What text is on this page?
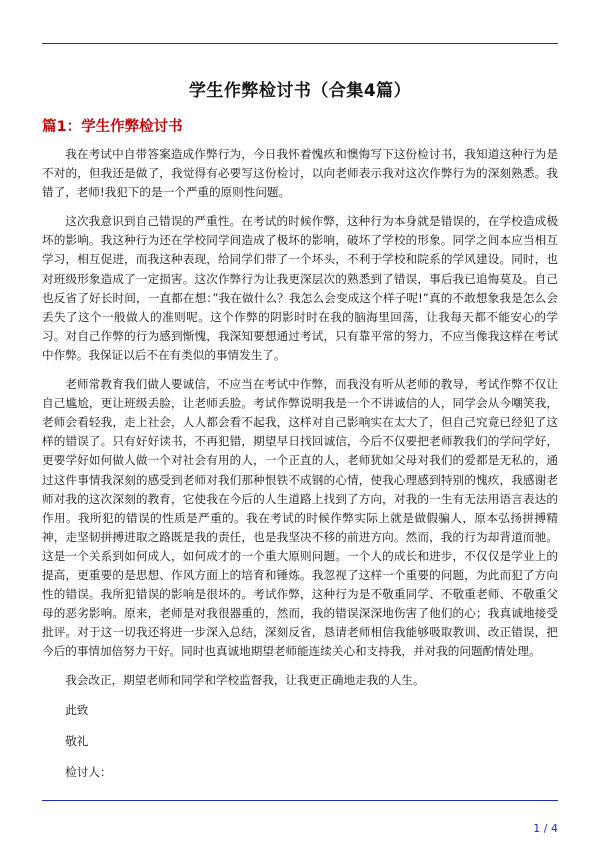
学生作弊检讨书（合集4篇）
篇1：学生作弊检讨书

我在考试中自带答案造成作弊行为，今日我怀着愧疚和懊悔写下这份检讨书，我知道这种行为是不对的，但我还是做了，我觉得有必要写这份检讨，以向老师表示我对这次作弊行为的深刻熟悉。我错了，老师!我犯下的是一个严重的原则性问题。

这次我意识到自己错误的严重性。在考试的时候作弊，这种行为本身就是错误的，在学校造成极坏的影响。我这种行为还在学校同学间造成了极坏的影响，破坏了学校的形象。同学之间本应当相互学习，相互促进，而我这种表现，给同学们带了一个坏头，不利于学校和院系的学风建设。同时，也对班级形象造成了一定损害。这次作弊行为让我更深层次的熟悉到了错误，事后我已追悔莫及。自己也反省了好长时间，一直都在想：”我在做什么？我怎么会变成这个样子呢!”真的不敢想象我是怎么会丢失了这个一般做人的准则呢。这个作弊的阴影时时在我的脑海里回荡，让我每天都不能安心的学习。对自己作弊的行为感到惭愧，我深知要想通过考试，只有靠平常的努力，不应当像我这样在考试中作弊。我保证以后不在有类似的事情发生了。

老师常教育我们做人要诚信，不应当在考试中作弊，而我没有听从老师的教导，考试作弊不仅让自己尴尬，更让班级丢脸，让老师丢脸。考试作弊说明我是一个不讲诚信的人，同学会从今嘲笑我，老师会看轻我，走上社会，人人都会看不起我，这样对自己影响实在太大了，但自己究竟已经犯了这样的错误了。只有好好读书，不再犯错，期望早日找回诚信，今后不仅要把老师教我们的学问学好，更要学好如何做人做一个对社会有用的人，一个正直的人，老师犹如父母对我们的爱都是无私的，通过这件事情我深刻的感受到老师对我们那种恨铁不成钢的心情，使我心理感到特别的愧疚，我感谢老师对我的这次深刻的教育，它使我在今后的人生道路上找到了方向，对我的一生有无法用语言表达的作用。我所犯的错误的性质是严重的。我在考试的时候作弊实际上就是做假骗人，原本弘扬拼搏精神，走坚韧拼搏进取之路既是我的责任，也是我坚决不移的前进方向。然而，我的行为却背道而驰。这是一个关系到如何成人，如何成才的一个重大原则问题。一个人的成长和进步，不仅仅是学业上的提高，更重要的是思想、作风方面上的培育和锤炼。我忽视了这样一个重要的问题，为此而犯了方向性的错误。我所犯错误的影响是很坏的。考试作弊，这种行为是不敬重同学、不敬重老师、不敬重父母的恶劣影响。原来，老师是对我很器重的，然而，我的错误深深地伤害了他们的心；我真诚地接受批评。对于这一切我还将进一步深入总结，深刻反省，恳请老师相信我能够吸取教训、改正错误，把今后的事情加倍努力干好。同时也真诚地期望老师能连续关心和支持我，并对我的问题酌情处理。

我会改正，期望老师和同学和学校监督我，让我更正确地走我的人生。

此致

敬礼

检讨人：

1 / 4
